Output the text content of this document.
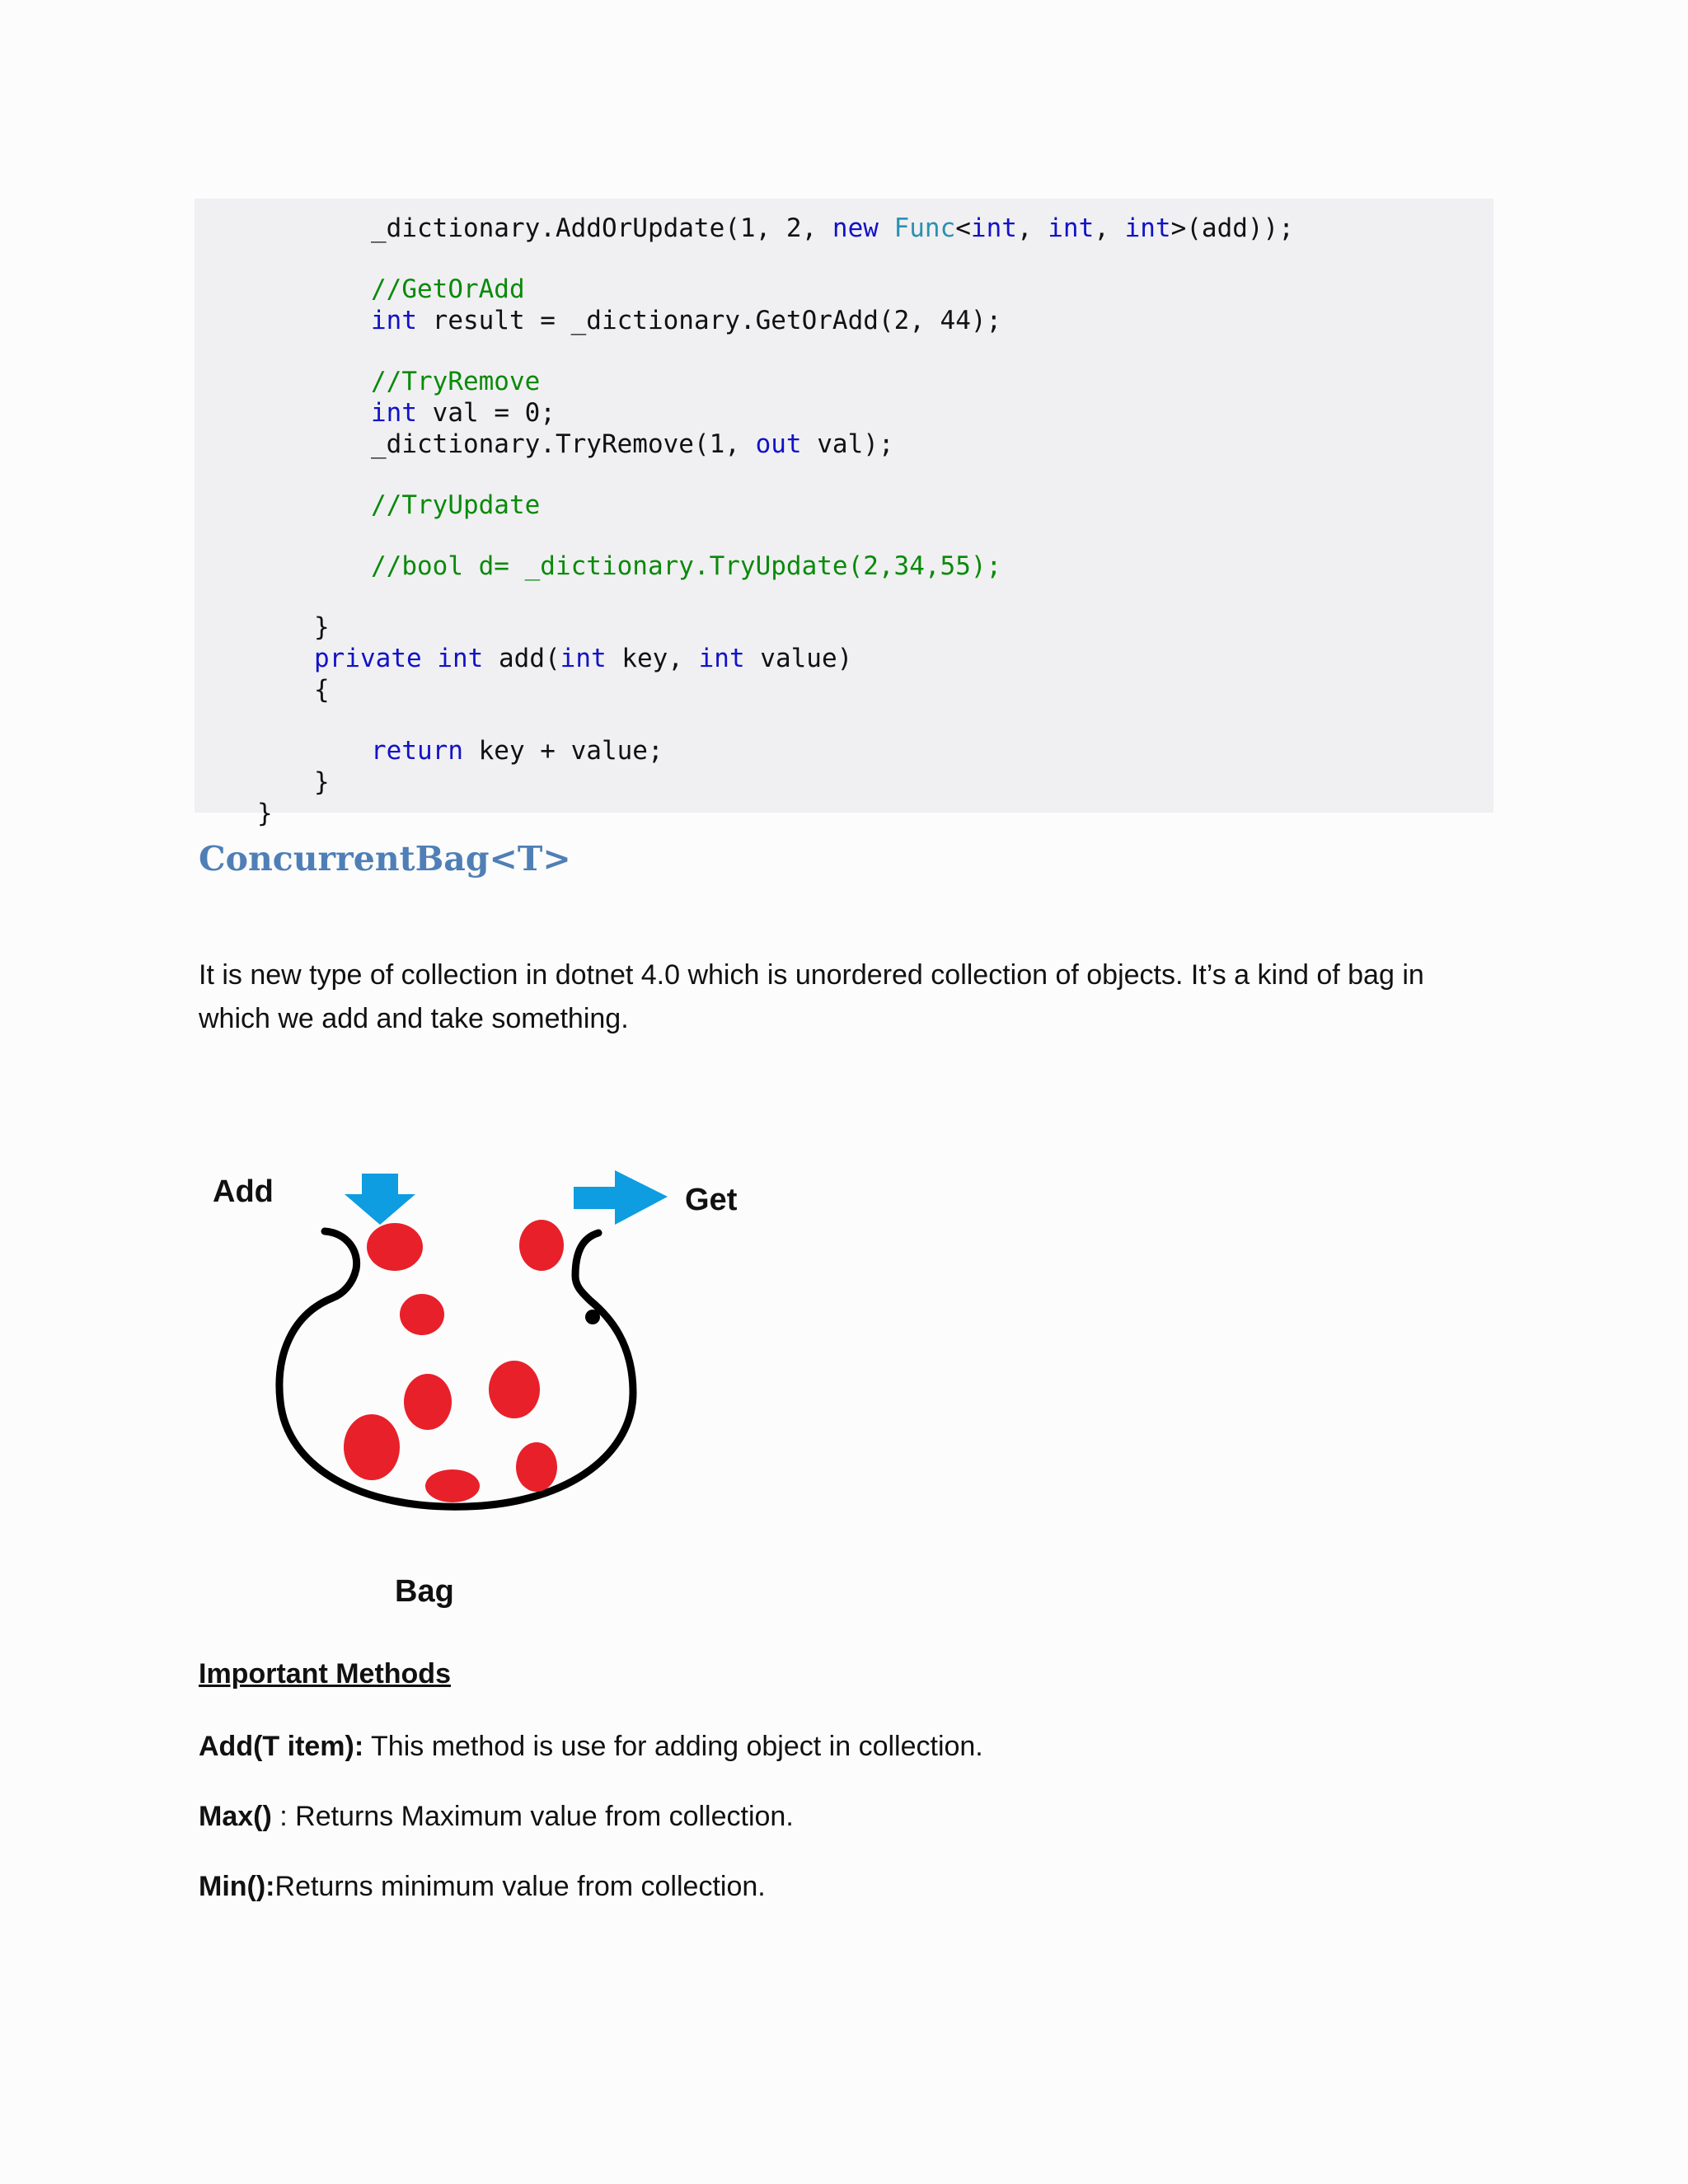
_dictionary.AddOrUpdate(1, 2, new Func<int, int, int>(add));
//GetOrAdd
int result = _dictionary.GetOrAdd(2, 44);
//TryRemove
int val = 0;
_dictionary.TryRemove(1, out val);
//TryUpdate
//bool d= _dictionary.TryUpdate(2,34,55);
}
private int add(int key, int value)
{
return key + value;
}
}
ConcurrentBag<T>
It is new type of collection in dotnet 4.0 which is unordered collection of objects. It’s a kind of bag in which we add and take something.
Add	Get
Bag
Important Methods
Add(T item): This method is use for adding object in collection.
Max() : Returns Maximum value from collection.
Min():Returns minimum value from collection.
